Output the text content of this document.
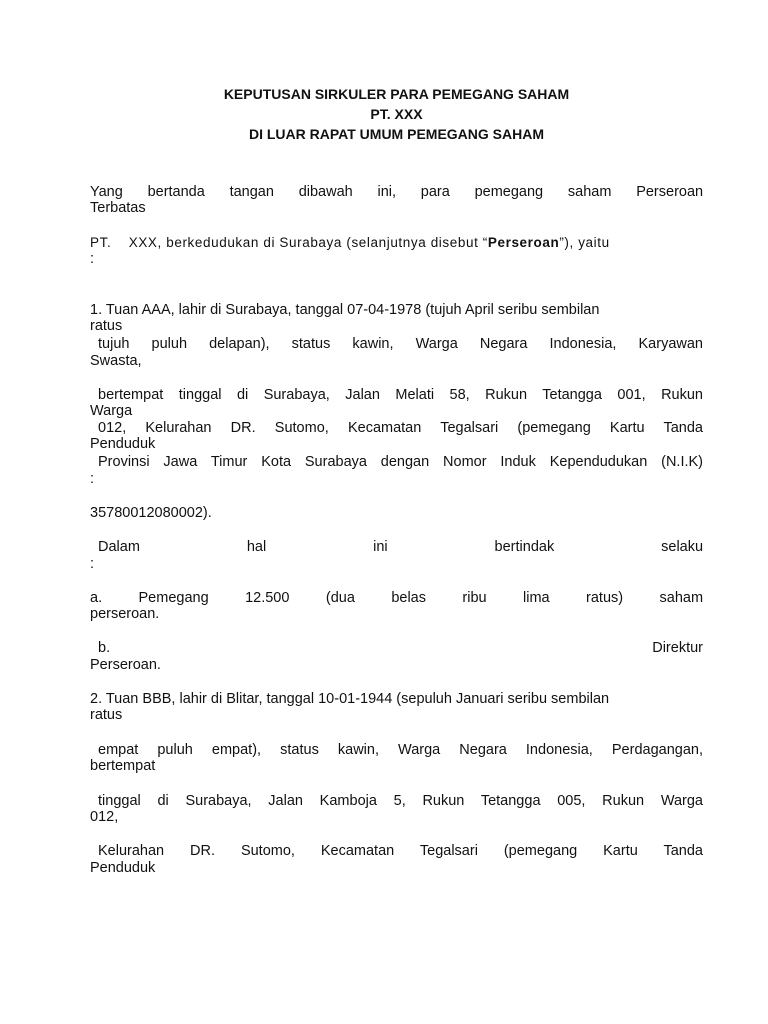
KEPUTUSAN SIRKULER PARA PEMEGANG SAHAM
PT. XXX
DI LUAR RAPAT UMUM PEMEGANG SAHAM
Yang bertanda tangan dibawah ini, para pemegang saham Perseroan
Terbatas
PT. XXX, berkedudukan di Surabaya (selanjutnya disebut “Perseroan”), yaitu
:
1. Tuan AAA, lahir di Surabaya, tanggal 07-04-1978 (tujuh April seribu sembilan
ratus
tujuh puluh delapan), status kawin, Warga Negara Indonesia, Karyawan
Swasta,
bertempat tinggal di Surabaya, Jalan Melati 58, Rukun Tetangga 001, Rukun
Warga
012, Kelurahan DR. Sutomo, Kecamatan Tegalsari (pemegang Kartu Tanda
Penduduk
Provinsi Jawa Timur Kota Surabaya dengan Nomor Induk Kependudukan (N.I.K)
:
35780012080002).
Dalam	hal	ini	bertindak	selaku
:
a.	Pemegang	12.500	(dua	belas	ribu	lima	ratus)	saham
perseroan.
b.	Direktur
Perseroan.
2. Tuan BBB, lahir di Blitar, tanggal 10-01-1944 (sepuluh Januari seribu sembilan
ratus
empat puluh empat), status kawin, Warga Negara Indonesia, Perdagangan,
bertempat
tinggal di Surabaya, Jalan Kamboja 5, Rukun Tetangga 005, Rukun Warga
012,
Kelurahan DR. Sutomo, Kecamatan Tegalsari (pemegang Kartu Tanda
Penduduk
